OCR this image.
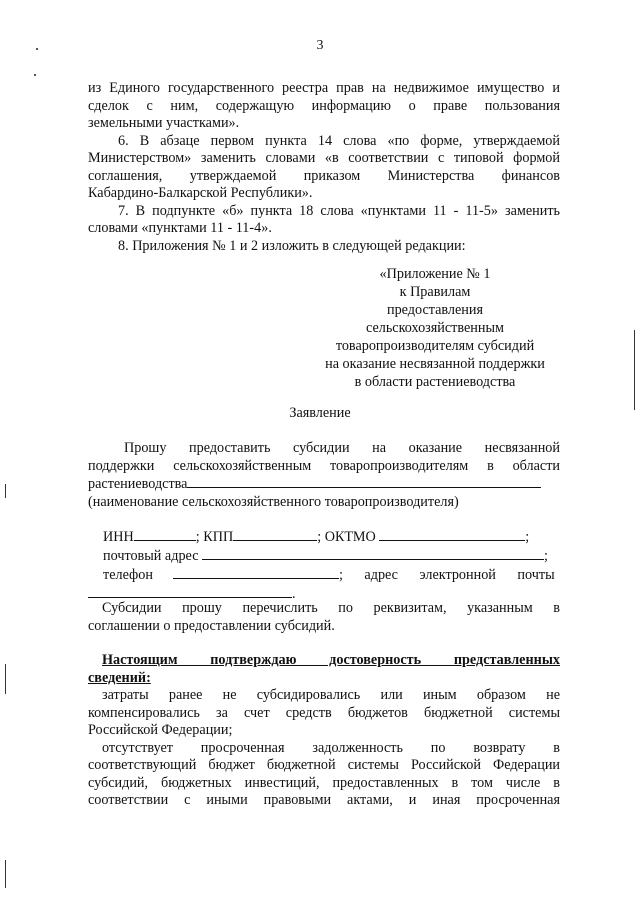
3
из Единого государственного реестра прав на недвижимое имущество и
сделок с ним, содержащую информацию о праве пользования
земельными участками».
6. В абзаце первом пункта 14 слова «по форме, утверждаемой
Министерством» заменить словами «в соответствии с типовой формой
соглашения, утверждаемой приказом Министерства финансов
Кабардино-Балкарской Республики».
7. В подпункте «б» пункта 18 слова «пунктами 11 - 11-5» заменить
словами «пунктами 11 - 11-4».
8. Приложения № 1 и 2 изложить в следующей редакции:
«Приложение № 1
к Правилам
предоставления
сельскохозяйственным
товаропроизводителям субсидий
на оказание несвязанной поддержки
в области растениеводства
Заявление
Прошу предоставить субсидии на оказание несвязанной
поддержки сельскохозяйственным товаропроизводителям в области
растениеводства
(наименование сельскохозяйственного товаропроизводителя)
ИНН	; КПП	; ОКТМО	;
почтовый адрес	;
телефон	; адрес электронной почты
.
Субсидии прошу перечислить по реквизитам, указанным в
соглашении о предоставлении субсидий.
Настоящим подтверждаю достоверность представленных
сведений:
затраты ранее не субсидировались или иным образом не
компенсировались за счет средств бюджетов бюджетной системы
Российской Федерации;
отсутствует просроченная задолженность по возврату в
соответствующий бюджет бюджетной системы Российской Федерации
субсидий, бюджетных инвестиций, предоставленных в том числе в
соответствии с иными правовыми актами, и иная просроченная
